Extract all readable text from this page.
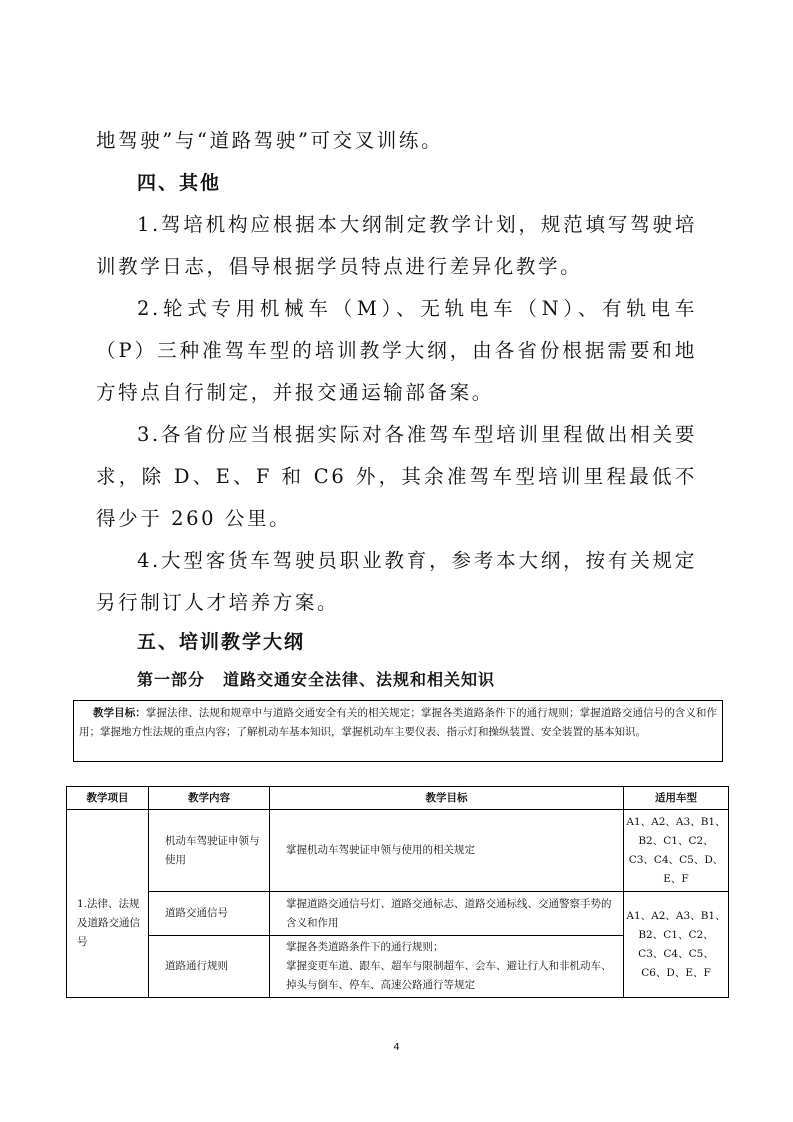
地驾驶”与“道路驾驶”可交叉训练。

四、其他

1.驾培机构应根据本大纲制定教学计划，规范填写驾驶培训教学日志，倡导根据学员特点进行差异化教学。

2.轮式专用机械车（M）、无轨电车（N）、有轨电车（P）三种准驾车型的培训教学大纲，由各省份根据需要和地方特点自行制定，并报交通运输部备案。

3.各省份应当根据实际对各准驾车型培训里程做出相关要求，除 D、E、F 和 C6 外，其余准驾车型培训里程最低不得少于 260 公里。

4.大型客货车驾驶员职业教育，参考本大纲，按有关规定另行制订人才培养方案。

五、培训教学大纲
第一部分 道路交通安全法律、法规和相关知识
教学目标：掌握法律、法规和规章中与道路交通安全有关的相关规定；掌握各类道路条件下的通行规则；掌握道路交通信号的含义和作用；掌握地方性法规的重点内容；了解机动车基本知识，掌握机动车主要仪表、指示灯和操纵装置、安全装置的基本知识。
教学项目	教学内容	教学目标	适用车型
1.法律、法规及道路交通信号	机动车驾驶证申领与使用	掌握机动车驾驶证申领与使用的相关规定	A1、A2、A3、B1、B2、C1、C2、C3、C4、C5、D、E、F
	道路交通信号	掌握道路交通信号灯、道路交通标志、道路交通标线、交通警察手势的含义和作用	A1、A2、A3、B1、B2、C1、C2、C3、C4、C5、C6、D、E、F
	道路通行规则	掌握各类道路条件下的通行规则；
掌握变更车道、跟车、超车与限制超车、会车、避让行人和非机动车、掉头与倒车、停车、高速公路通行等规定	
4
